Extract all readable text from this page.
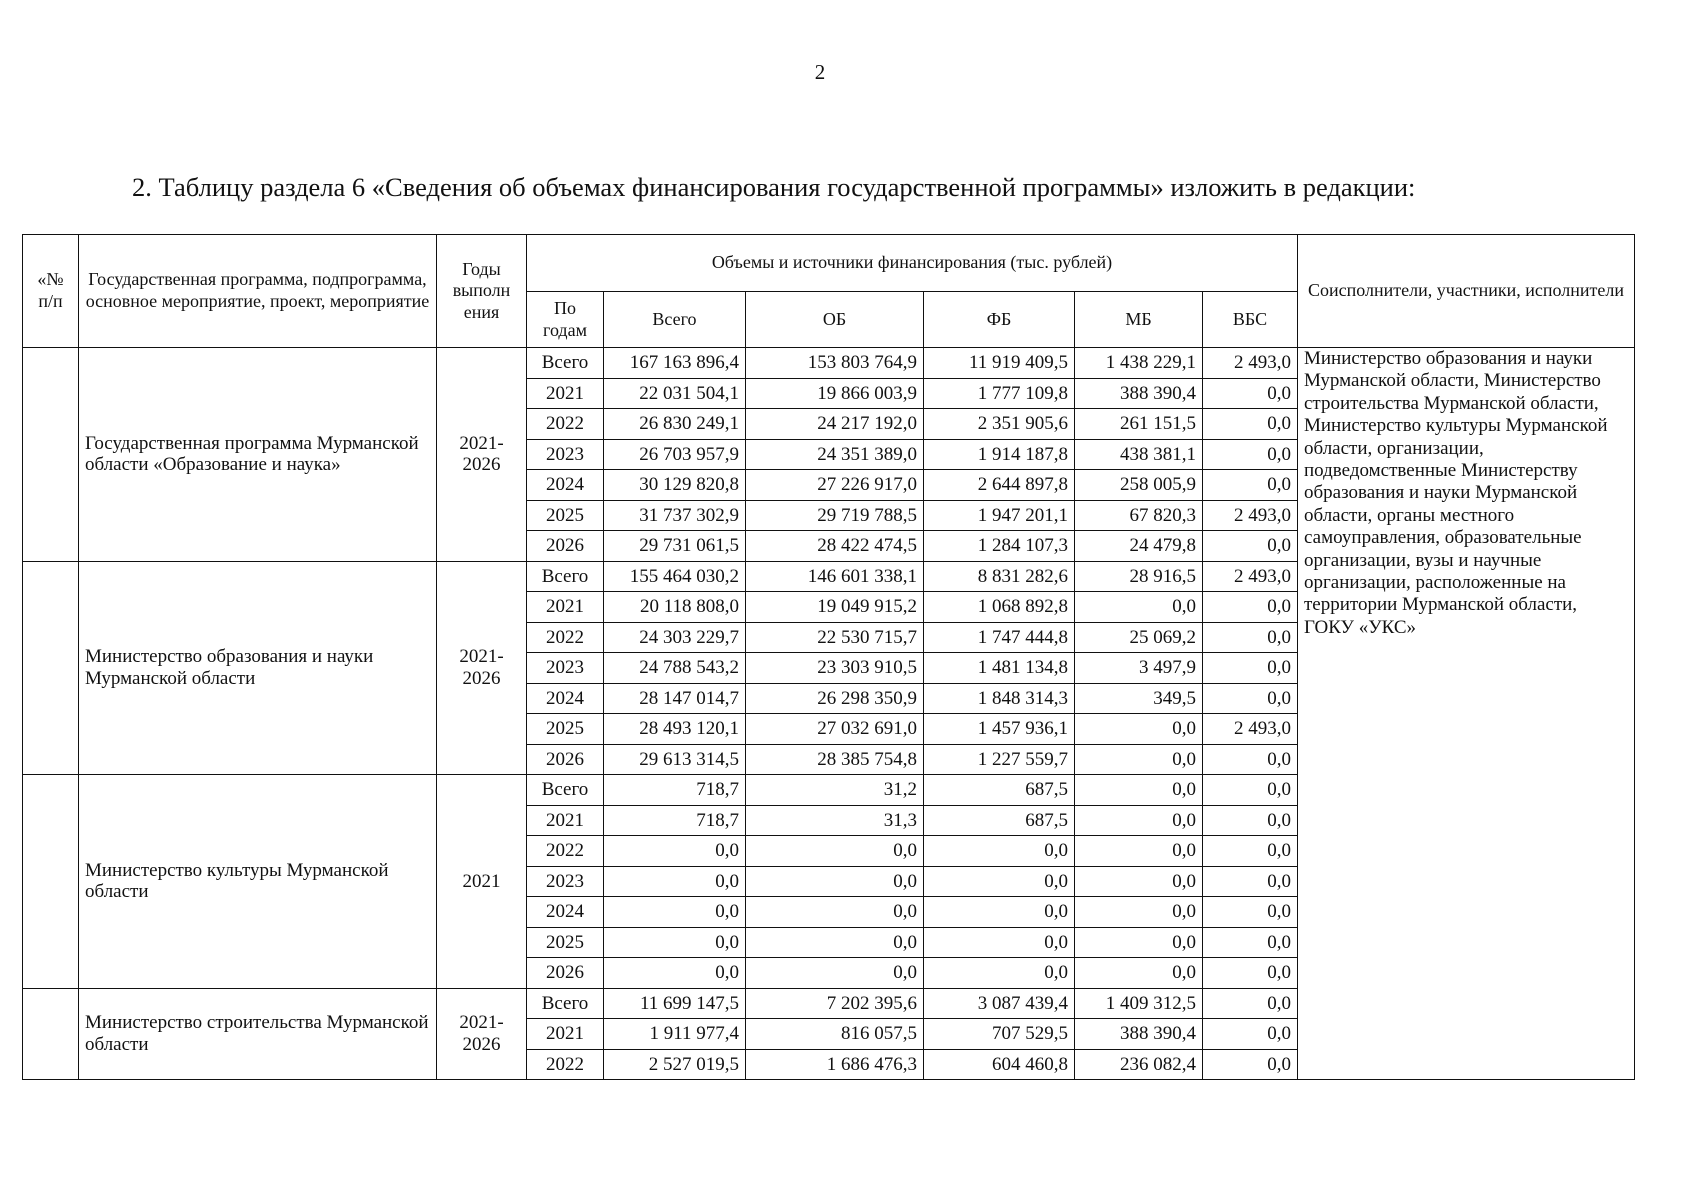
2
2. Таблицу раздела 6 «Сведения об объемах финансирования государственной программы» изложить в редакции:
«№ п/п	Государственная программа, подпрограмма, основное мероприятие, проект, мероприятие	Годы выполн ения	Объемы и источники финансирования (тыс. рублей)						Соисполнители, участники, исполнители
			По годам	Всего	ОБ	ФБ	МБ	ВБС	
	Государственная программа Мурманской области «Образование и наука»	2021-2026	Всего	167 163 896,4	153 803 764,9	11 919 409,5	1 438 229,1	2 493,0	Министерство образования и науки Мурманской области, Министерство строительства Мурманской области, Министерство культуры Мурманской области, организации, подведомственные Министерству образования и науки Мурманской области, органы местного самоуправления, образовательные организации, вузы и научные организации, расположенные на территории Мурманской области, ГОКУ «УКС»
			2021	22 031 504,1	19 866 003,9	1 777 109,8	388 390,4	0,0	
			2022	26 830 249,1	24 217 192,0	2 351 905,6	261 151,5	0,0	
			2023	26 703 957,9	24 351 389,0	1 914 187,8	438 381,1	0,0	
			2024	30 129 820,8	27 226 917,0	2 644 897,8	258 005,9	0,0	
			2025	31 737 302,9	29 719 788,5	1 947 201,1	67 820,3	2 493,0	
			2026	29 731 061,5	28 422 474,5	1 284 107,3	24 479,8	0,0	
	Министерство образования и науки Мурманской области	2021-2026	Всего	155 464 030,2	146 601 338,1	8 831 282,6	28 916,5	2 493,0	
			2021	20 118 808,0	19 049 915,2	1 068 892,8	0,0	0,0	
			2022	24 303 229,7	22 530 715,7	1 747 444,8	25 069,2	0,0	
			2023	24 788 543,2	23 303 910,5	1 481 134,8	3 497,9	0,0	
			2024	28 147 014,7	26 298 350,9	1 848 314,3	349,5	0,0	
			2025	28 493 120,1	27 032 691,0	1 457 936,1	0,0	2 493,0	
			2026	29 613 314,5	28 385 754,8	1 227 559,7	0,0	0,0	
	Министерство культуры Мурманской области	2021	Всего	718,7	31,2	687,5	0,0	0,0	
			2021	718,7	31,3	687,5	0,0	0,0	
			2022	0,0	0,0	0,0	0,0	0,0	
			2023	0,0	0,0	0,0	0,0	0,0	
			2024	0,0	0,0	0,0	0,0	0,0	
			2025	0,0	0,0	0,0	0,0	0,0	
			2026	0,0	0,0	0,0	0,0	0,0	
	Министерство строительства Мурманской области	2021-2026	Всего	11 699 147,5	7 202 395,6	3 087 439,4	1 409 312,5	0,0	
			2021	1 911 977,4	816 057,5	707 529,5	388 390,4	0,0	
			2022	2 527 019,5	1 686 476,3	604 460,8	236 082,4	0,0	
